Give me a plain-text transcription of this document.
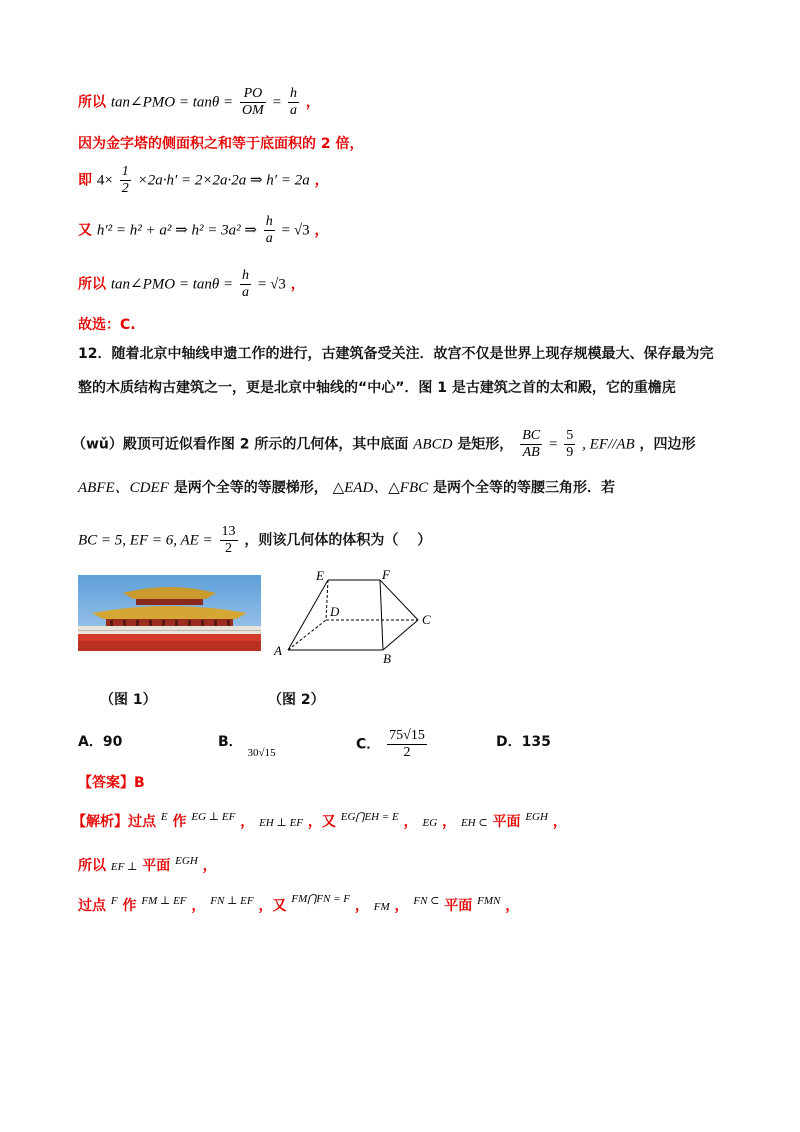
所以 tan∠PMO = $\tan\theta = \frac{PO}{OM} = \frac{h}{a}$ ，
因为金字塔的侧面积之和等于底面积的 2 倍，
即 $4\times \frac{1}{2} \times 2a\cdot h' = 2\times 2a\cdot 2a$ ⇒ h′ = 2a ，
又 h′² = h² + a² ⇒ h² = 3a² ⇒ $\frac{h}{a} = √3$ ，
所以 tan∠PMO = $\tan\theta = \frac{h}{a} = √3$ ，
故选：C.
12．随着北京中轴线申遗工作的进行，古建筑备受关注．故宫不仅是世界上现存规模最大、保存最为完
整的木质结构古建筑之一，更是北京中轴线的“中心”．图 1 是古建筑之首的太和殿，它的重檐庑
（wǔ）殿顶可近似看作图 2 所示的几何体，其中底面 ABCD 是矩形， $\frac{BC}{AB} = \frac{5}{9}$ , EF//AB ，四边形
ABFE、CDEF 是两个全等的等腰梯形， △EAD、△FBC 是两个全等的等腰三角形．若
BC = 5, EF = 6, AE = $\frac{13}{2}$ ，则该几何体的体积为（　 ）
E	F
D
C
A
B
（图 1）	（图 2）
A．90	B． $_{30√15}$
C． $\frac{75√15}{2}$	D．135
【答案】B
【解析】过点 $^E$ 作 $^{EG \perp EF}$ ， EH ⊥ EF ，又 $^{EG⋂EH = E}$ ， EG ， EH ⊂ 平面 $^{EGH}$ ，
所以 EF ⊥ 平面 $^{EGH}$ ，
过点 $^F$ 作 $^{FM \perp EF}$ ， $^{FN \perp EF}$ ，又 $^{FM⋂FN = F}$ ， FM ， $^{FN \subset}$ 平面 $^{FMN}$ ，
